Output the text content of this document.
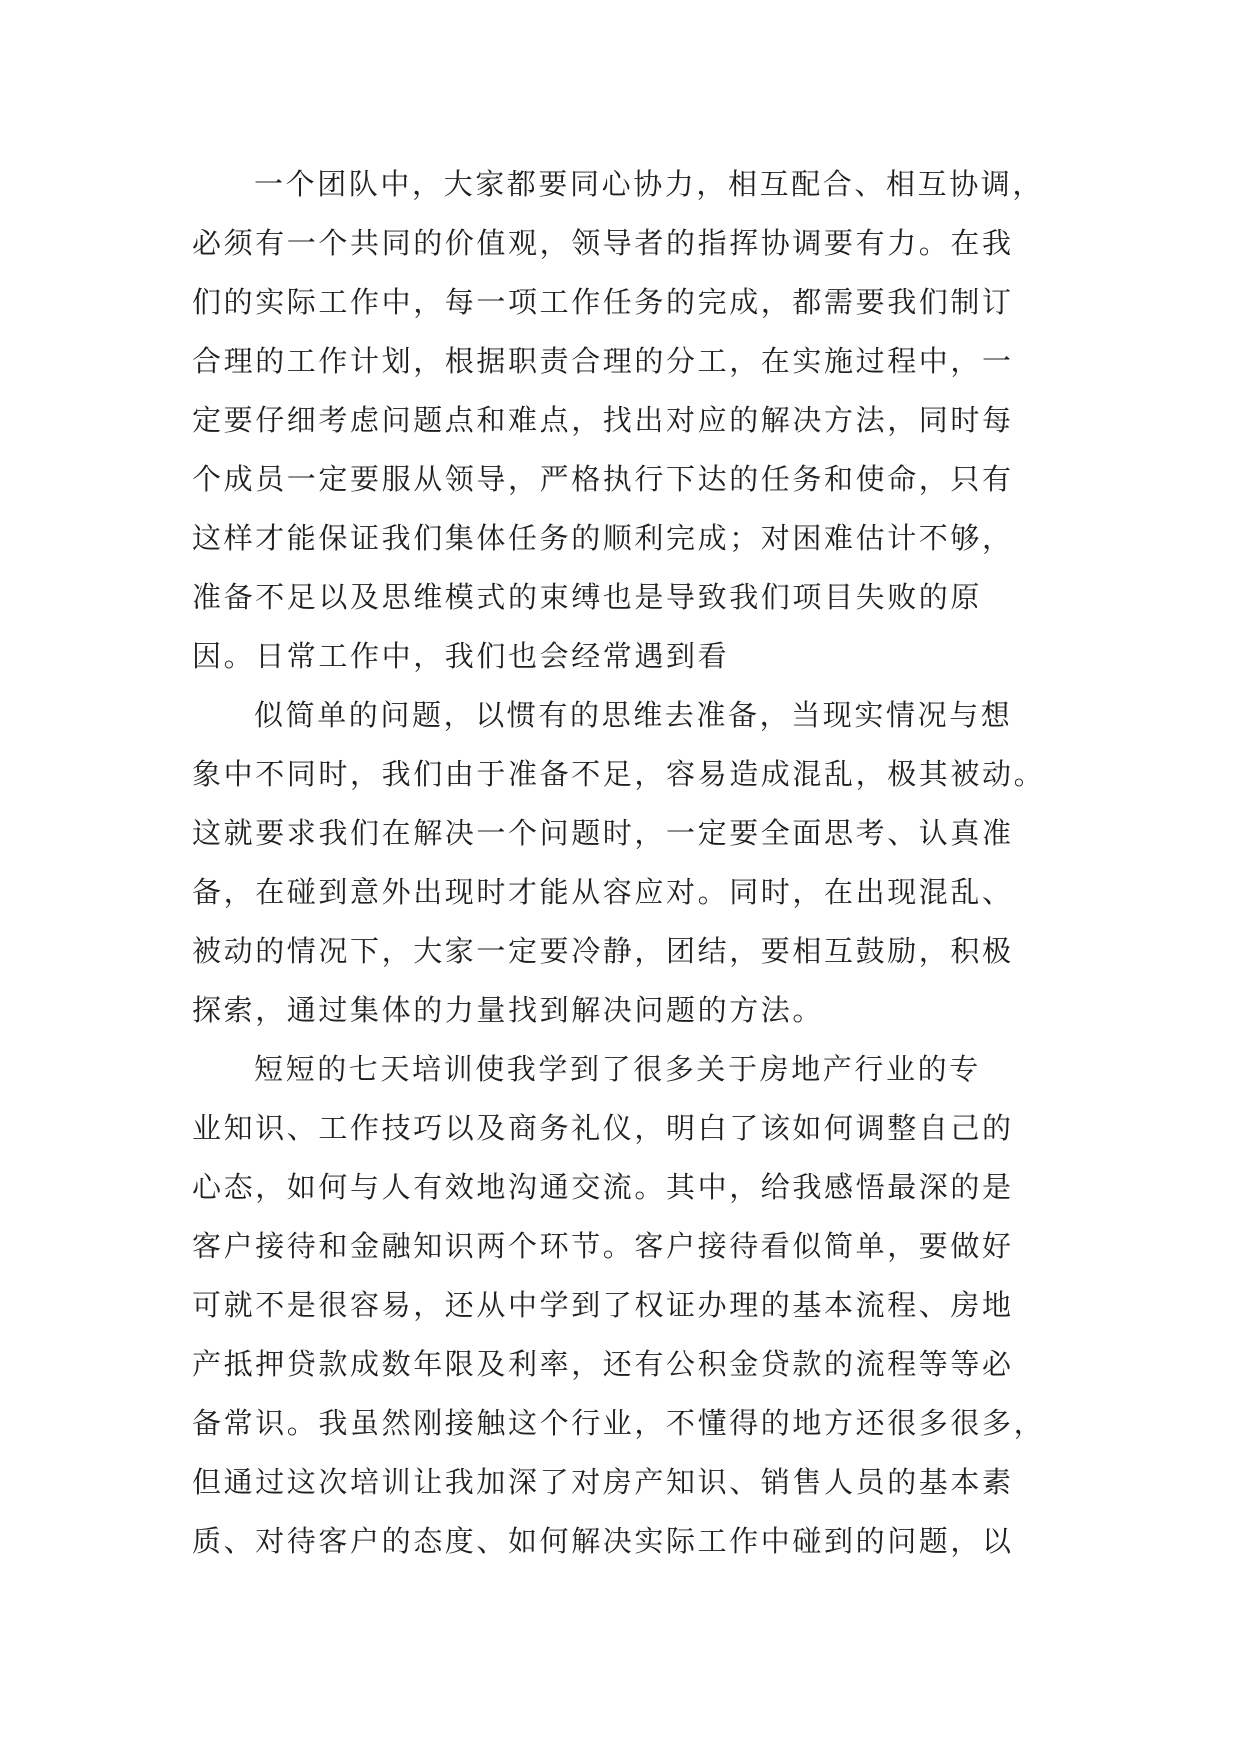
一个团队中，大家都要同心协力，相互配合、相互协调，
必须有一个共同的价值观，领导者的指挥协调要有力。在我
们的实际工作中，每一项工作任务的完成，都需要我们制订
合理的工作计划，根据职责合理的分工，在实施过程中，一
定要仔细考虑问题点和难点，找出对应的解决方法，同时每
个成员一定要服从领导，严格执行下达的任务和使命，只有
这样才能保证我们集体任务的顺利完成；对困难估计不够，
准备不足以及思维模式的束缚也是导致我们项目失败的原
因。日常工作中，我们也会经常遇到看
似简单的问题，以惯有的思维去准备，当现实情况与想
象中不同时，我们由于准备不足，容易造成混乱，极其被动。
这就要求我们在解决一个问题时，一定要全面思考、认真准
备，在碰到意外出现时才能从容应对。同时，在出现混乱、
被动的情况下，大家一定要冷静，团结，要相互鼓励，积极
探索，通过集体的力量找到解决问题的方法。
短短的七天培训使我学到了很多关于房地产行业的专
业知识、工作技巧以及商务礼仪，明白了该如何调整自己的
心态，如何与人有效地沟通交流。其中，给我感悟最深的是
客户接待和金融知识两个环节。客户接待看似简单，要做好
可就不是很容易，还从中学到了权证办理的基本流程、房地
产抵押贷款成数年限及利率，还有公积金贷款的流程等等必
备常识。我虽然刚接触这个行业，不懂得的地方还很多很多，
但通过这次培训让我加深了对房产知识、销售人员的基本素
质、对待客户的态度、如何解决实际工作中碰到的问题，以
